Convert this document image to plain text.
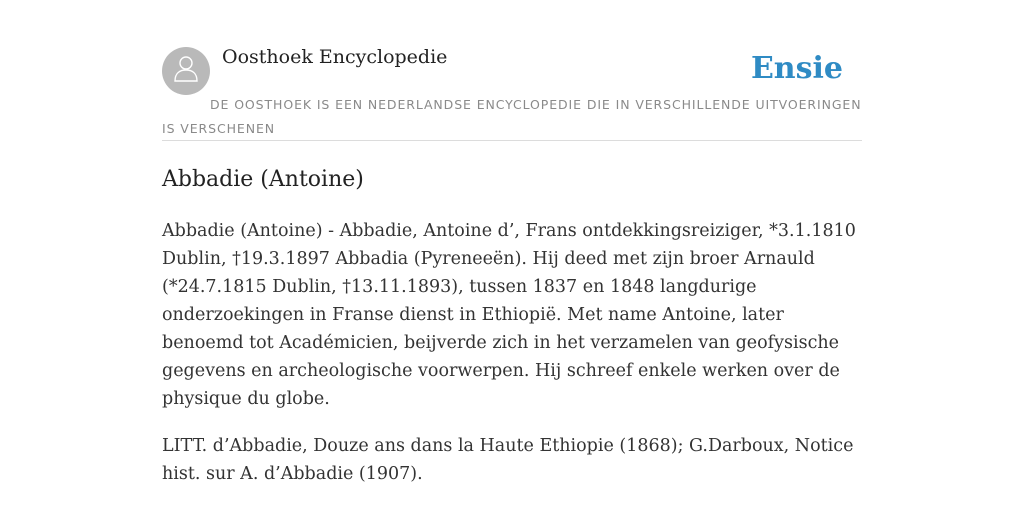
Oosthoek Encyclopedie	Ensie
DE OOSTHOEK IS EEN NEDERLANDSE ENCYCLOPEDIE DIE IN VERSCHILLENDE UITVOERINGEN IS VERSCHENEN
Abbadie (Antoine)

Abbadie (Antoine) - Abbadie, Antoine d’, Frans ontdekkingsreiziger, *3.1.1810 Dublin, †19.3.1897 Abbadia (Pyreneeën). Hij deed met zijn broer Arnauld (*24.7.1815 Dublin, †13.11.1893), tussen 1837 en 1848 langdurige onderzoekingen in Franse dienst in Ethiopië. Met name Antoine, later benoemd tot Académicien, beijverde zich in het verzamelen van geofysische gegevens en archeologische voorwerpen. Hij schreef enkele werken over de physique du globe.

LITT. d’Abbadie, Douze ans dans la Haute Ethiopie (1868); G.Darboux, Notice hist. sur A. d’Abbadie (1907).
